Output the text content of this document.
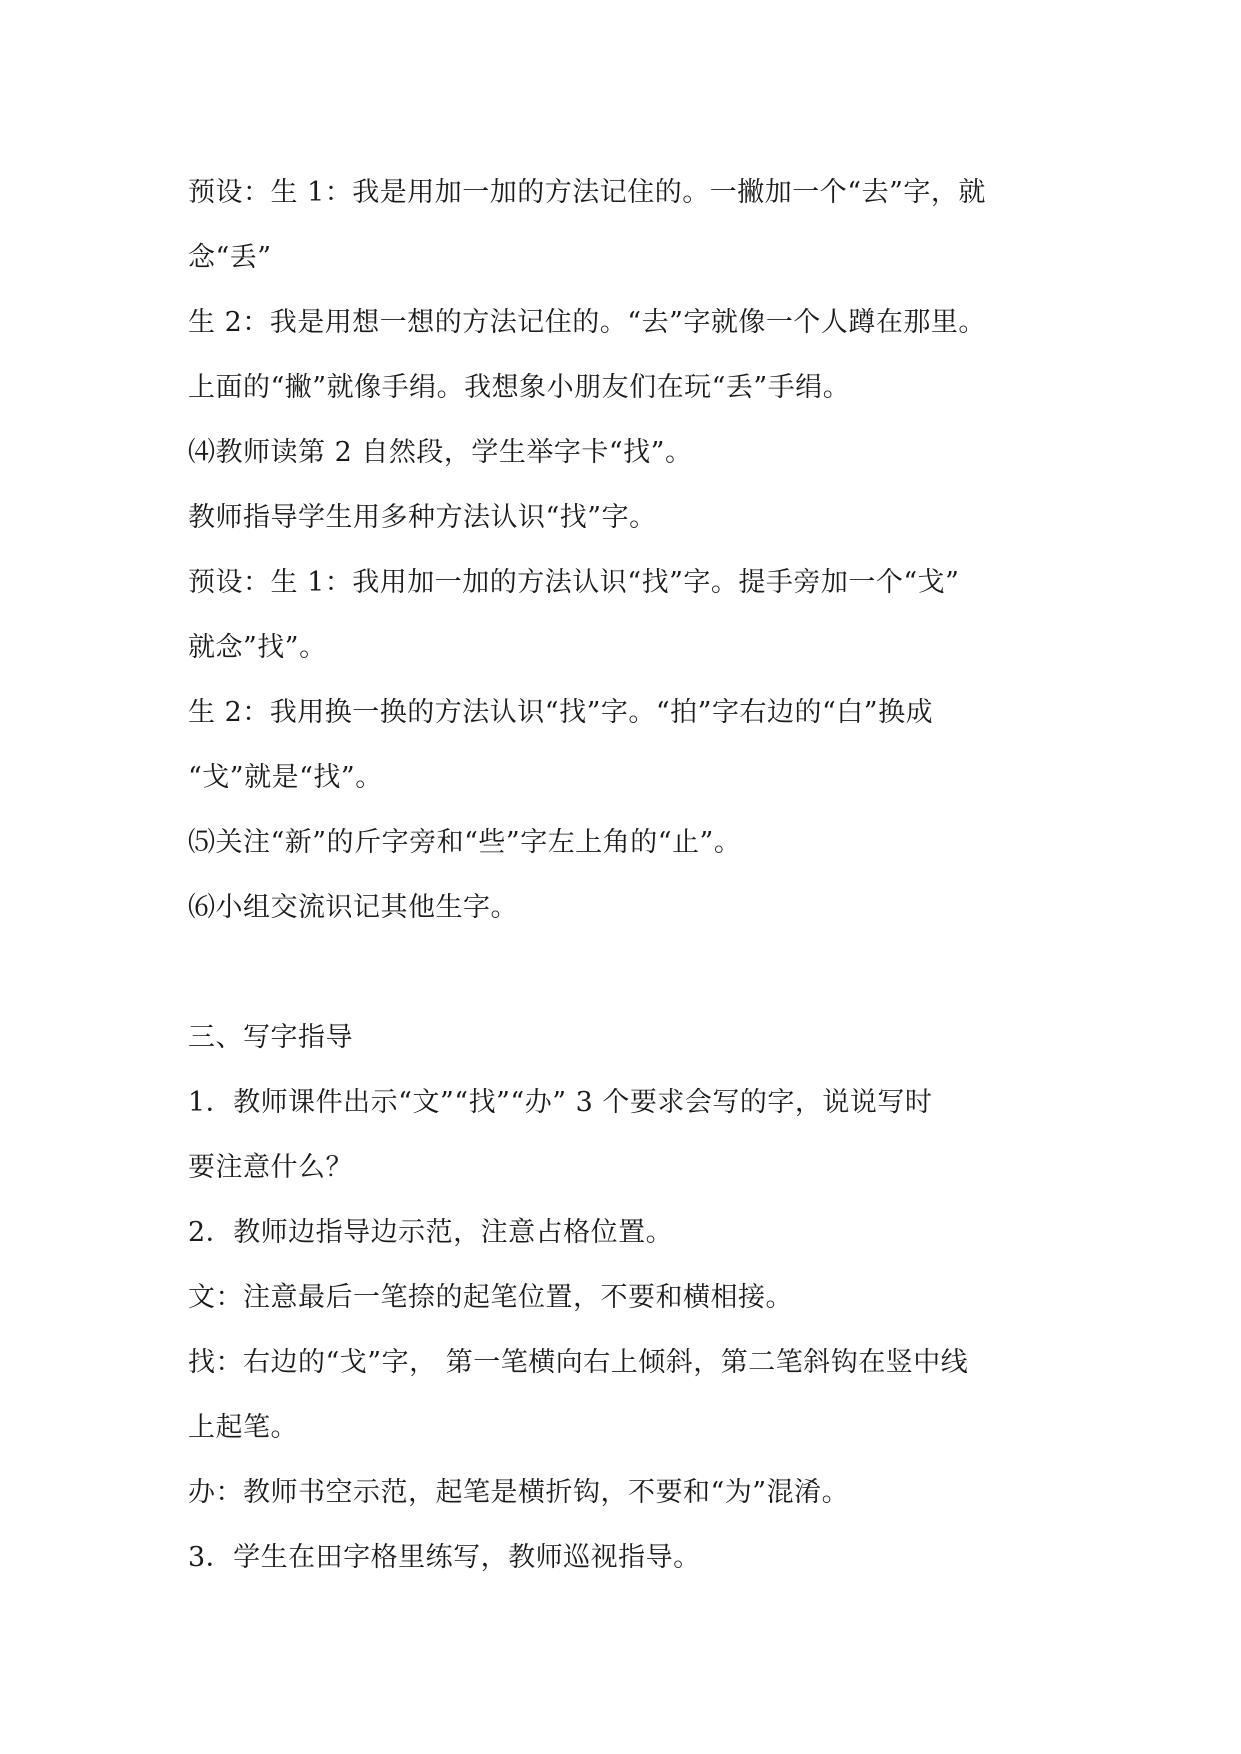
预设：生 1：我是用加一加的方法记住的。一撇加一个“去”字，就

念“丢”

生 2：我是用想一想的方法记住的。“去”字就像一个人蹲在那里。

上面的“撇”就像手绢。我想象小朋友们在玩“丢”手绢。

⑷教师读第 2 自然段，学生举字卡“找”。

教师指导学生用多种方法认识“找”字。

预设：生 1：我用加一加的方法认识“找”字。提手旁加一个“戈”

就念”找”。

生 2：我用换一换的方法认识“找”字。“拍”字右边的“白”换成

“戈”就是“找”。

⑸关注“新”的斤字旁和“些”字左上角的“止”。

⑹小组交流识记其他生字。

三、写字指导

1．教师课件出示“文”“找”“办” 3 个要求会写的字，说说写时

要注意什么？

2．教师边指导边示范，注意占格位置。

文：注意最后一笔捺的起笔位置，不要和横相接。

找：右边的“戈”字， 第一笔横向右上倾斜，第二笔斜钩在竖中线

上起笔。

办：教师书空示范，起笔是横折钩，不要和“为”混淆。

3．学生在田字格里练写，教师巡视指导。
